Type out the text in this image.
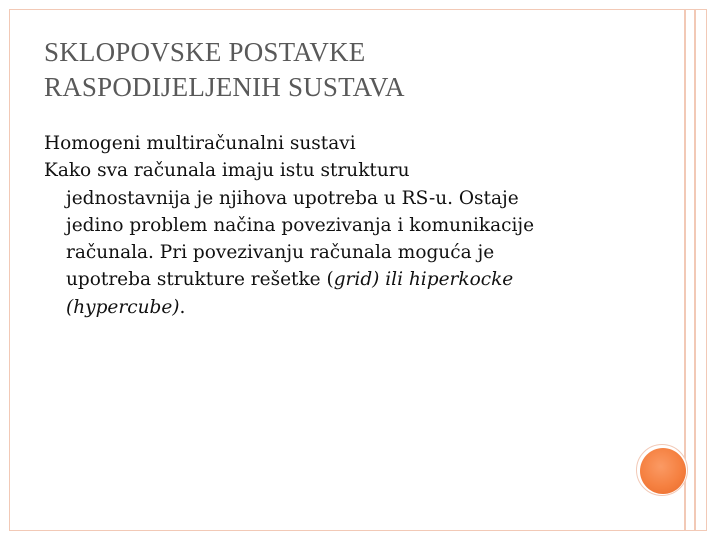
SKLOPOVSKE POSTAVKE
RASPODIJELJENIH SUSTAVA

Homogeni multiračunalni sustavi

Kako sva računala imaju istu strukturu

jednostavnija je njihova upotreba u RS-u. Ostaje

jedino problem načina povezivanja i komunikacije

računala. Pri povezivanju računala moguća je

upotreba strukture rešetke (grid) ili hiperkocke

(hypercube).
